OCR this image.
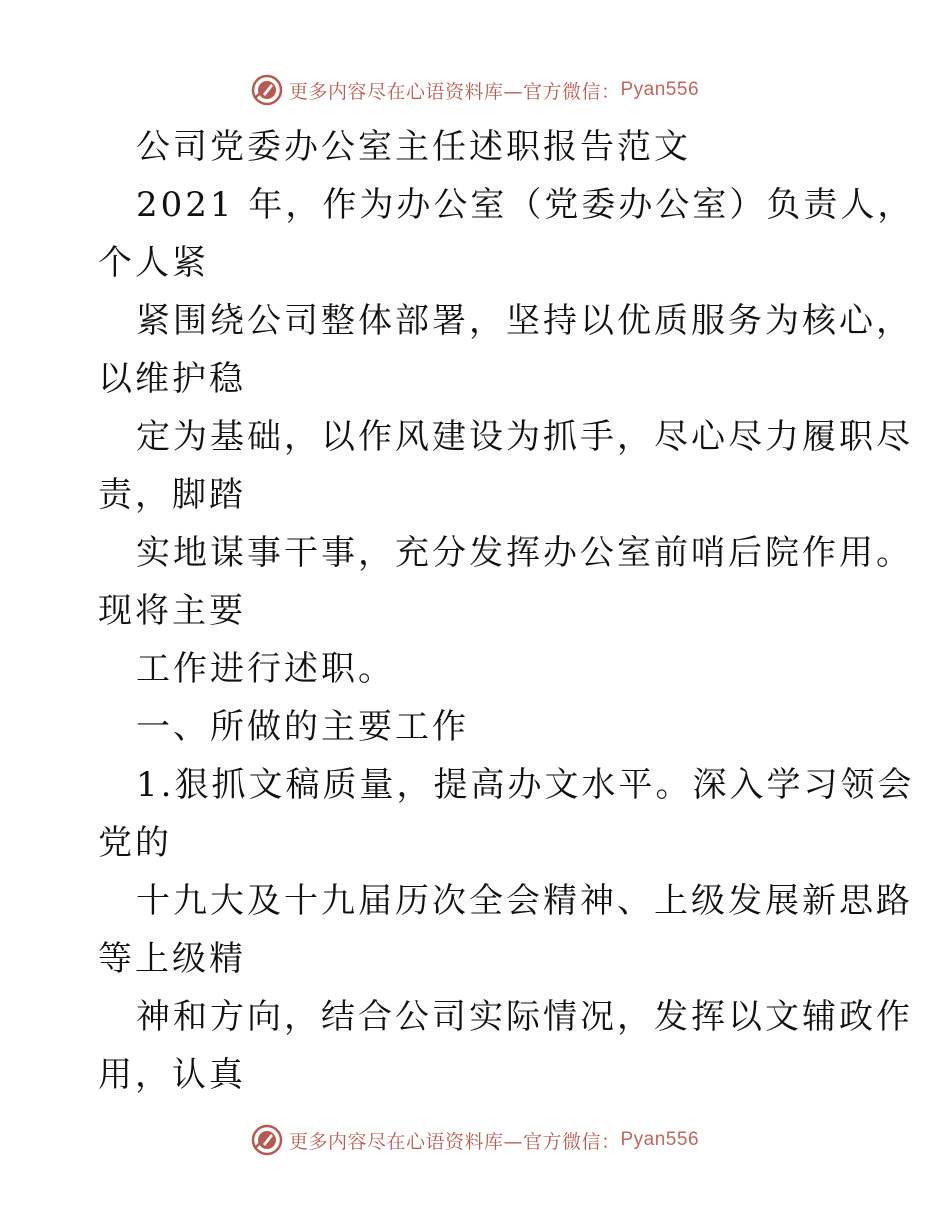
更多内容尽在心语资料库—官方微信： Pyan556
公司党委办公室主任述职报告范文
2021 年，作为办公室（党委办公室）负责人，
个人紧
紧围绕公司整体部署，坚持以优质服务为核心，
以维护稳
定为基础，以作风建设为抓手，尽心尽力履职尽
责，脚踏
实地谋事干事，充分发挥办公室前哨后院作用。
现将主要
工作进行述职。
一、所做的主要工作
1.狠抓文稿质量，提高办文水平。深入学习领会
党的
十九大及十九届历次全会精神、上级发展新思路
等上级精
神和方向，结合公司实际情况，发挥以文辅政作
用，认真
更多内容尽在心语资料库—官方微信： Pyan556
